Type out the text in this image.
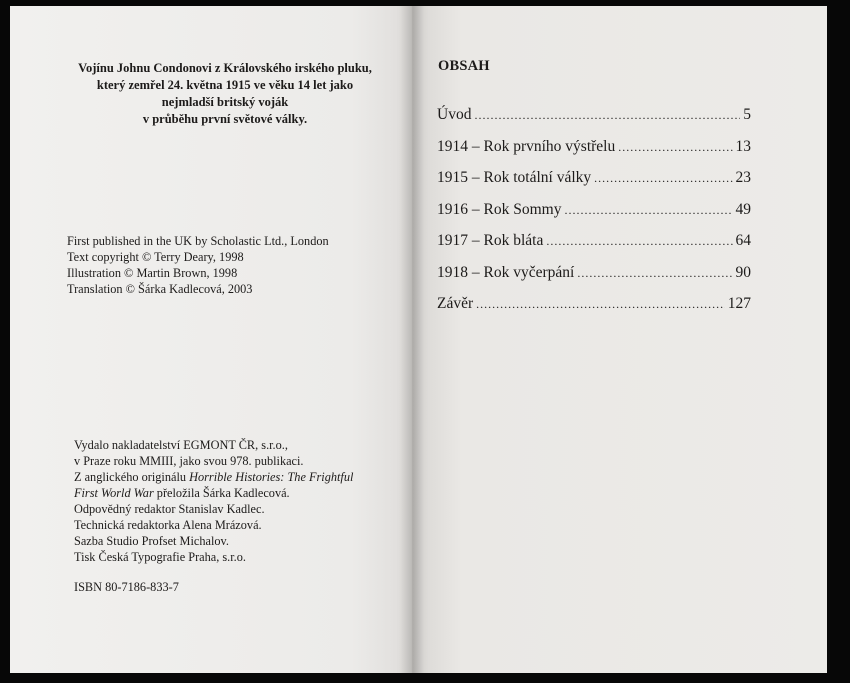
Vojínu Johnu Condonovi z Královského irského pluku,
který zemřel 24. května 1915 ve věku 14 let jako
nejmladší britský voják
v průběhu první světové války.
First published in the UK by Scholastic Ltd., London
Text copyright © Terry Deary, 1998
Illustration © Martin Brown, 1998
Translation © Šárka Kadlecová, 2003
Vydalo nakladatelství EGMONT ČR, s.r.o.,
v Praze roku MMIII, jako svou 978. publikaci.
Z anglického originálu Horrible Histories: The Frightful
First World War přeložila Šárka Kadlecová.
Odpovědný redaktor Stanislav Kadlec.
Technická redaktorka Alena Mrázová.
Sazba Studio Profset Michalov.
Tisk Česká Typografie Praha, s.r.o.
ISBN 80-7186-833-7
OBSAH
Úvod .....	5
1914 – Rok prvního výstřelu .....	13
1915 – Rok totální války .....	23
1916 – Rok Sommy .....	49
1917 – Rok bláta .....	64
1918 – Rok vyčerpání .....	90
Závěr .....	127
